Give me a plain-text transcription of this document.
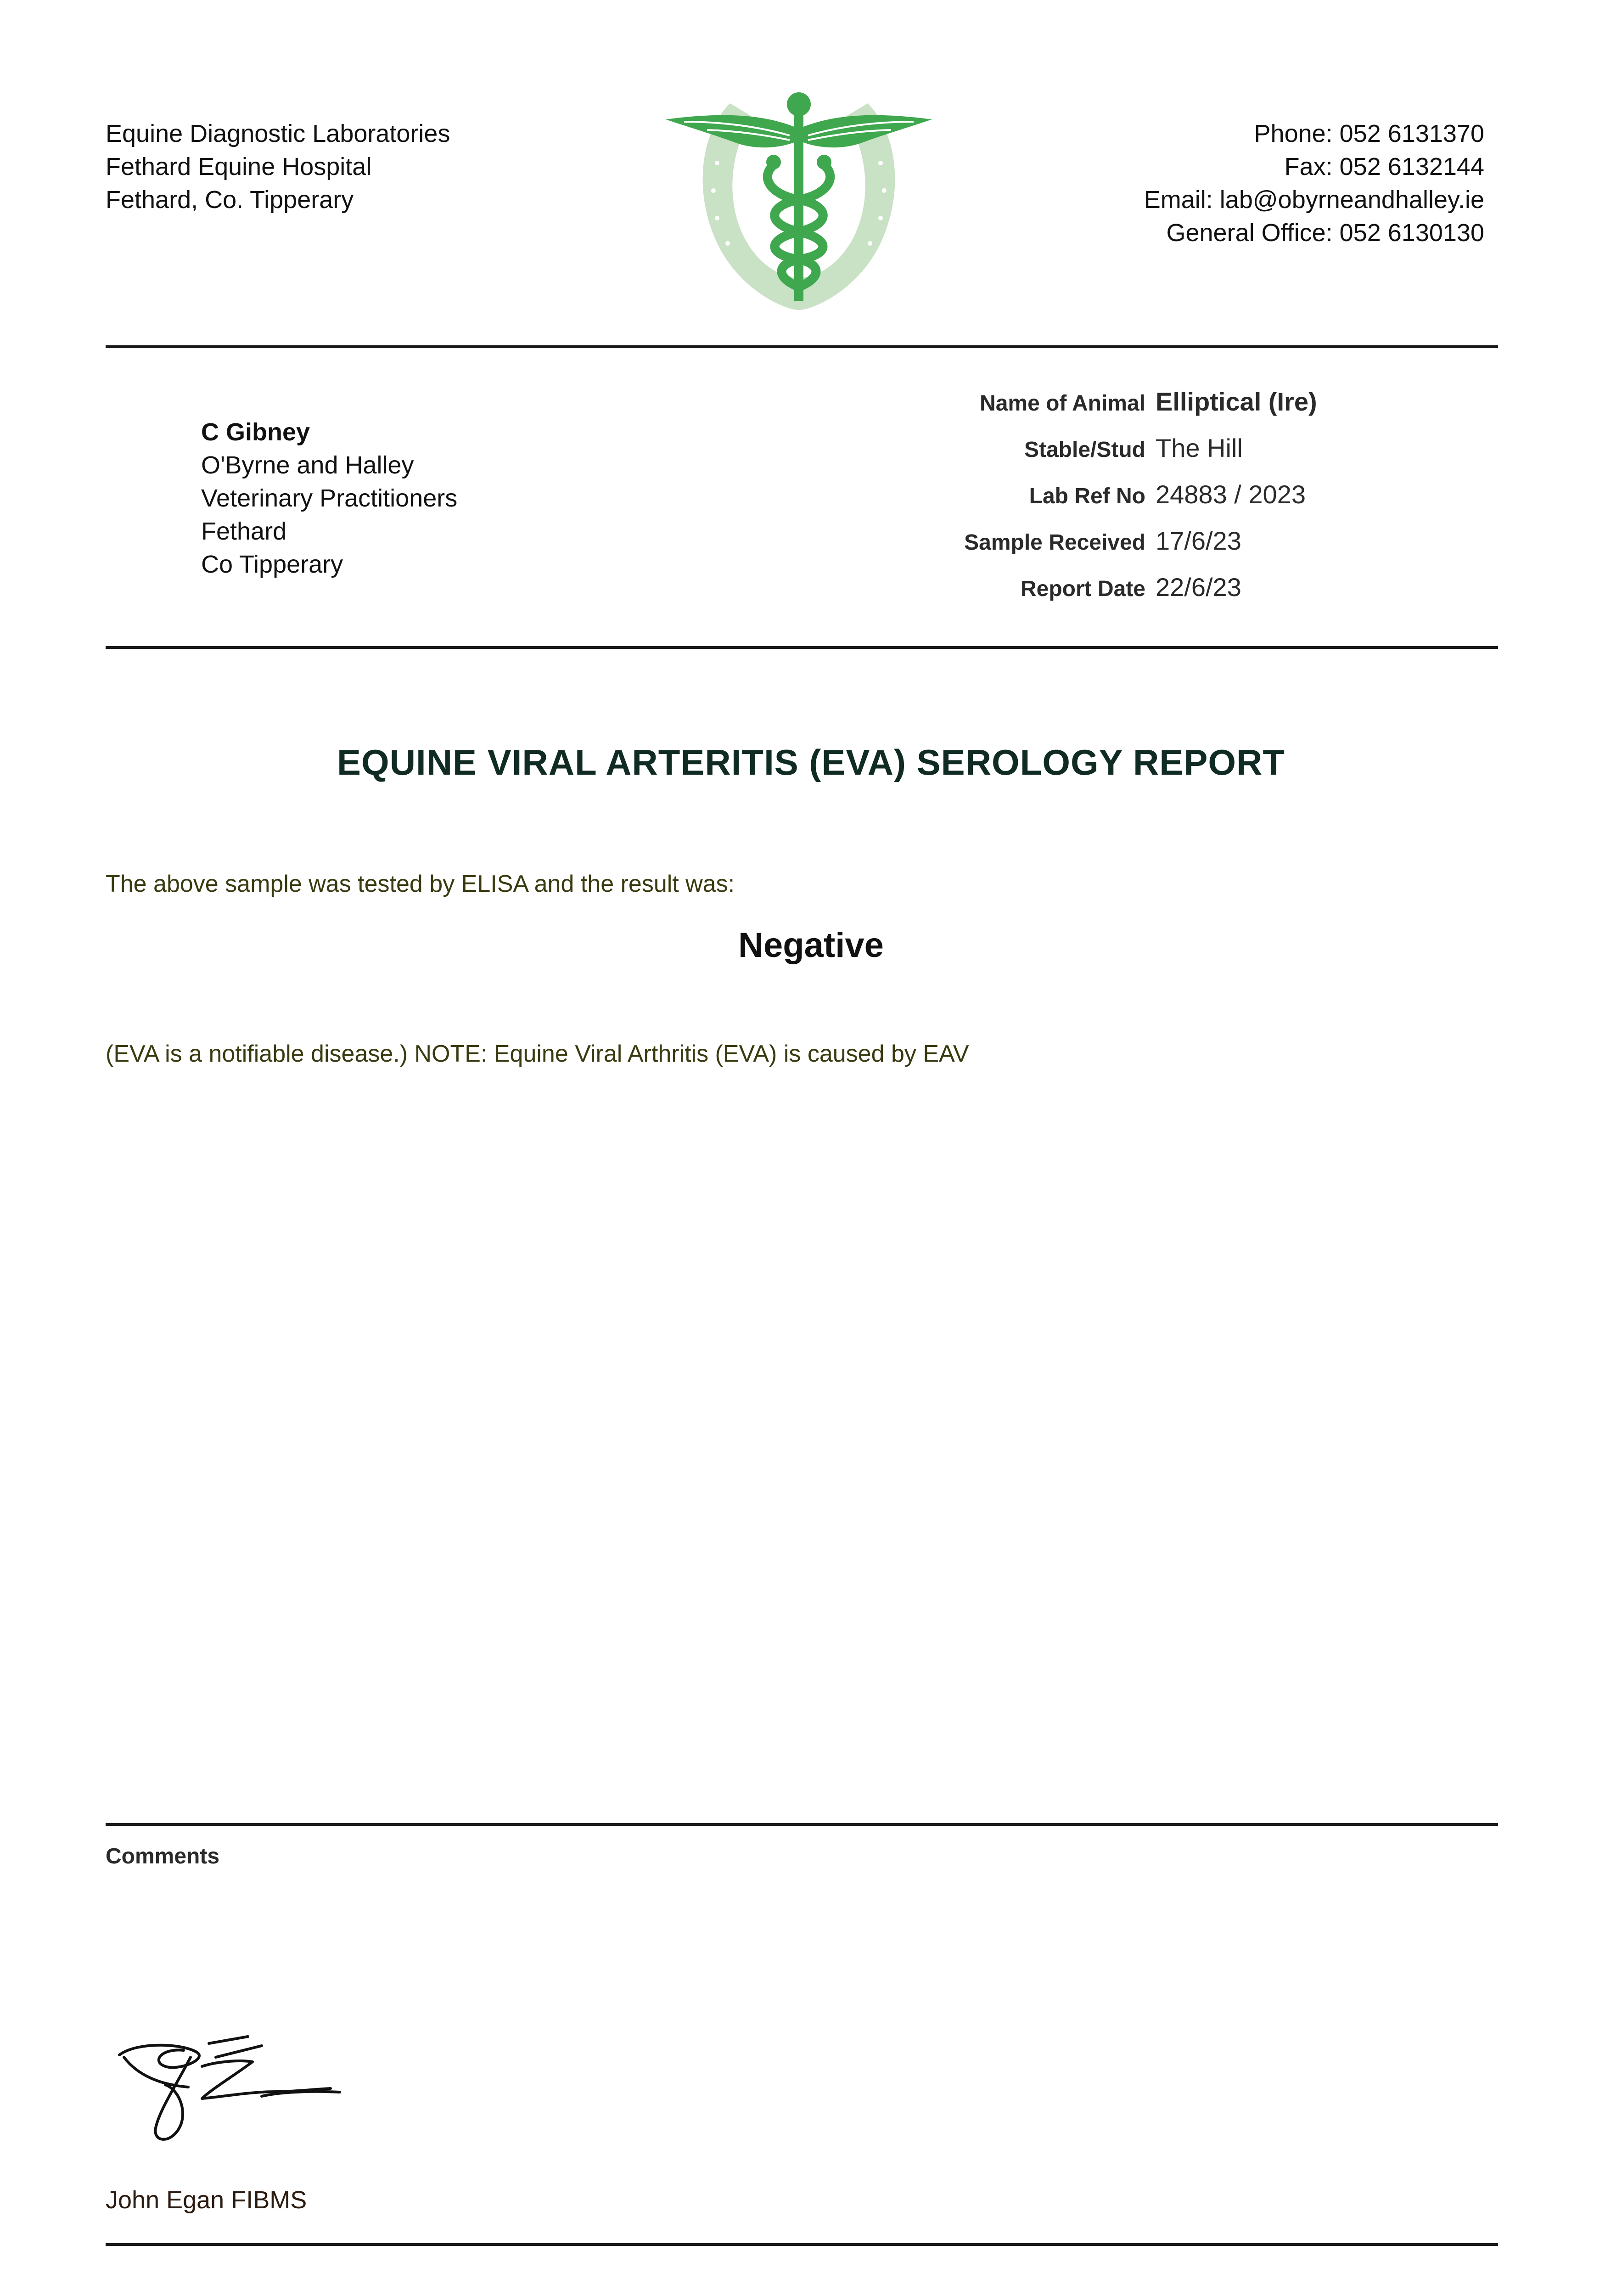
Equine Diagnostic Laboratories
Fethard Equine Hospital
Fethard, Co. Tipperary
Phone: 052 6131370
Fax: 052 6132144
Email: lab@obyrneandhalley.ie
General Office: 052 6130130
C Gibney
O'Byrne and Halley
Veterinary Practitioners
Fethard
Co Tipperary
Name of Animal Elliptical (Ire)
Stable/Stud The Hill
Lab Ref No 24883 / 2023
Sample Received 17/6/23
Report Date 22/6/23
EQUINE VIRAL ARTERITIS (EVA) SEROLOGY REPORT
The above sample was tested by ELISA and the result was:
Negative
(EVA is a notifiable disease.) NOTE: Equine Viral Arthritis (EVA) is caused by EAV
Comments
John Egan FIBMS
